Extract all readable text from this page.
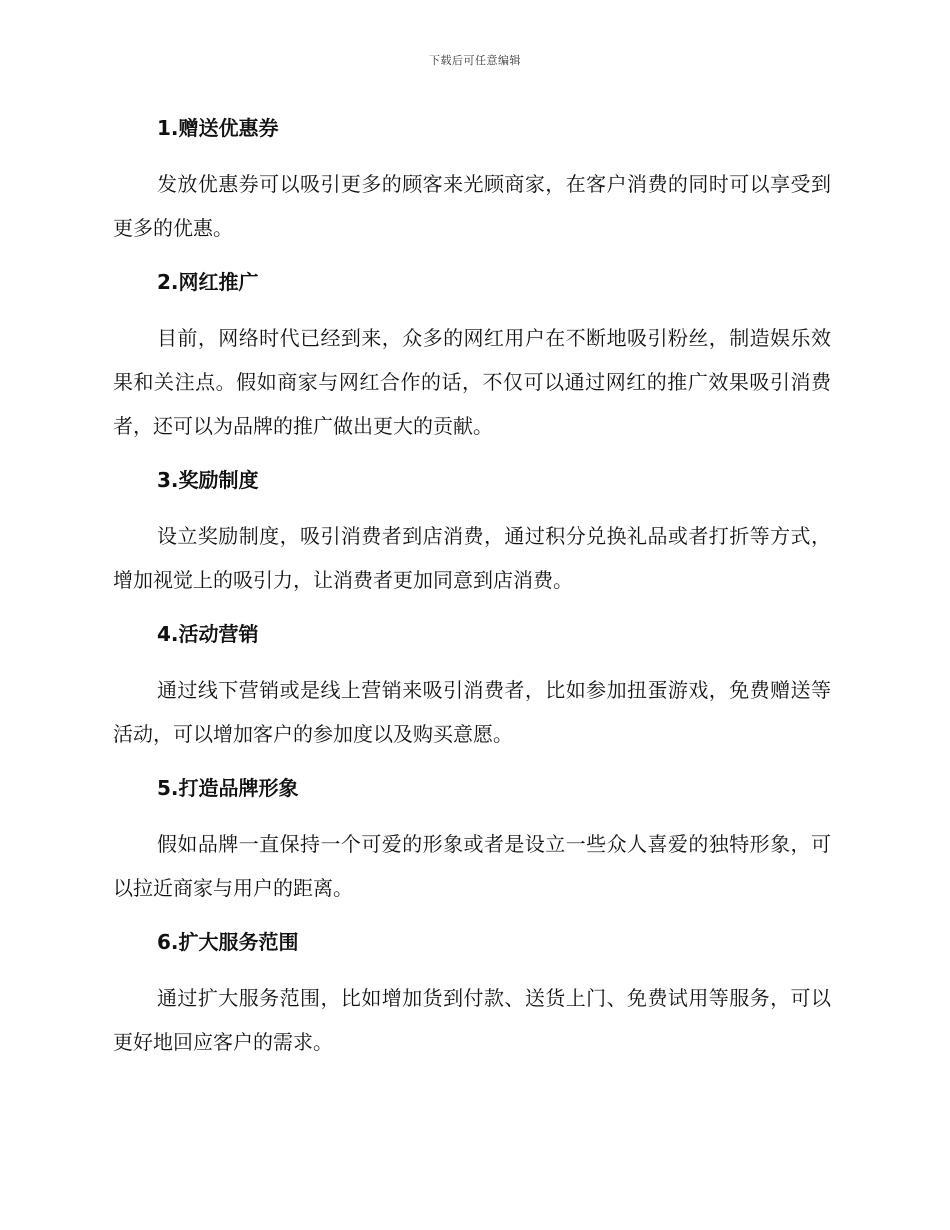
下载后可任意编辑
1.赠送优惠券

发放优惠券可以吸引更多的顾客来光顾商家，在客户消费的同时可以享受到更多的优惠。

2.网红推广

目前，网络时代已经到来，众多的网红用户在不断地吸引粉丝，制造娱乐效果和关注点。假如商家与网红合作的话，不仅可以通过网红的推广效果吸引消费者，还可以为品牌的推广做出更大的贡献。

3.奖励制度

设立奖励制度，吸引消费者到店消费，通过积分兑换礼品或者打折等方式，增加视觉上的吸引力，让消费者更加同意到店消费。

4.活动营销

通过线下营销或是线上营销来吸引消费者，比如参加扭蛋游戏，免费赠送等活动，可以增加客户的参加度以及购买意愿。

5.打造品牌形象

假如品牌一直保持一个可爱的形象或者是设立一些众人喜爱的独特形象，可以拉近商家与用户的距离。

6.扩大服务范围

通过扩大服务范围，比如增加货到付款、送货上门、免费试用等服务，可以更好地回应客户的需求。
